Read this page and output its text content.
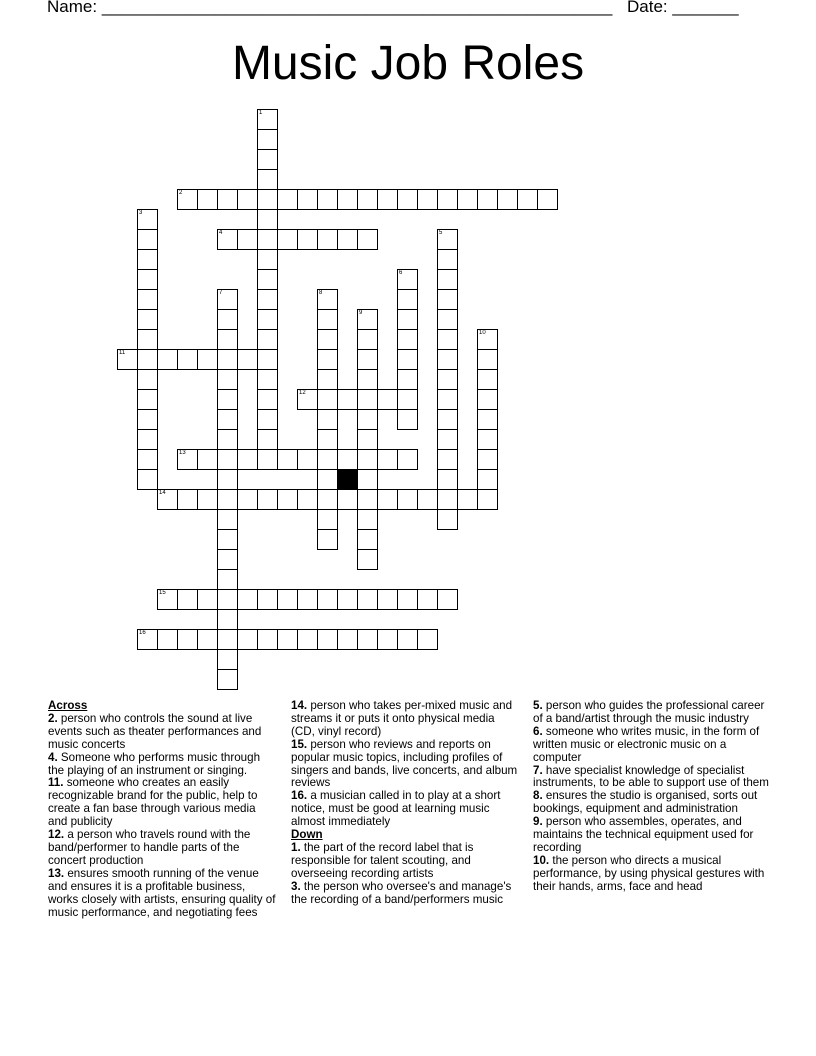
Name: ______________________________________________________ Date: _______
Music Job Roles
2
4
11
12
13
14
15
16
1
3
5
6
7	8
9
10

Across

2. person who controls the sound at live events such as theater performances and music concerts

4. Someone who performs music through the playing of an instrument or singing.

11. someone who creates an easily recognizable brand for the public, help to create a fan base through various media and publicity

12. a person who travels round with the band/performer to handle parts of the concert production

13. ensures smooth running of the venue and ensures it is a profitable business, works closely with artists, ensuring quality of music performance, and negotiating fees

14. person who takes per-mixed music and streams it or puts it onto physical media (CD, vinyl record)

15. person who reviews and reports on popular music topics, including profiles of singers and bands, live concerts, and album reviews

16. a musician called in to play at a short notice, must be good at learning music almost immediately

Down

1. the part of the record label that is responsible for talent scouting, and overseeing recording artists

3. the person who oversee's and manage's the recording of a band/performers music

5. person who guides the professional career of a band/artist through the music industry

6. someone who writes music, in the form of written music or electronic music on a computer

7. have specialist knowledge of specialist instruments, to be able to support use of them

8. ensures the studio is organised, sorts out bookings, equipment and administration

9. person who assembles, operates, and maintains the technical equipment used for recording

10. the person who directs a musical performance, by using physical gestures with their hands, arms, face and head
